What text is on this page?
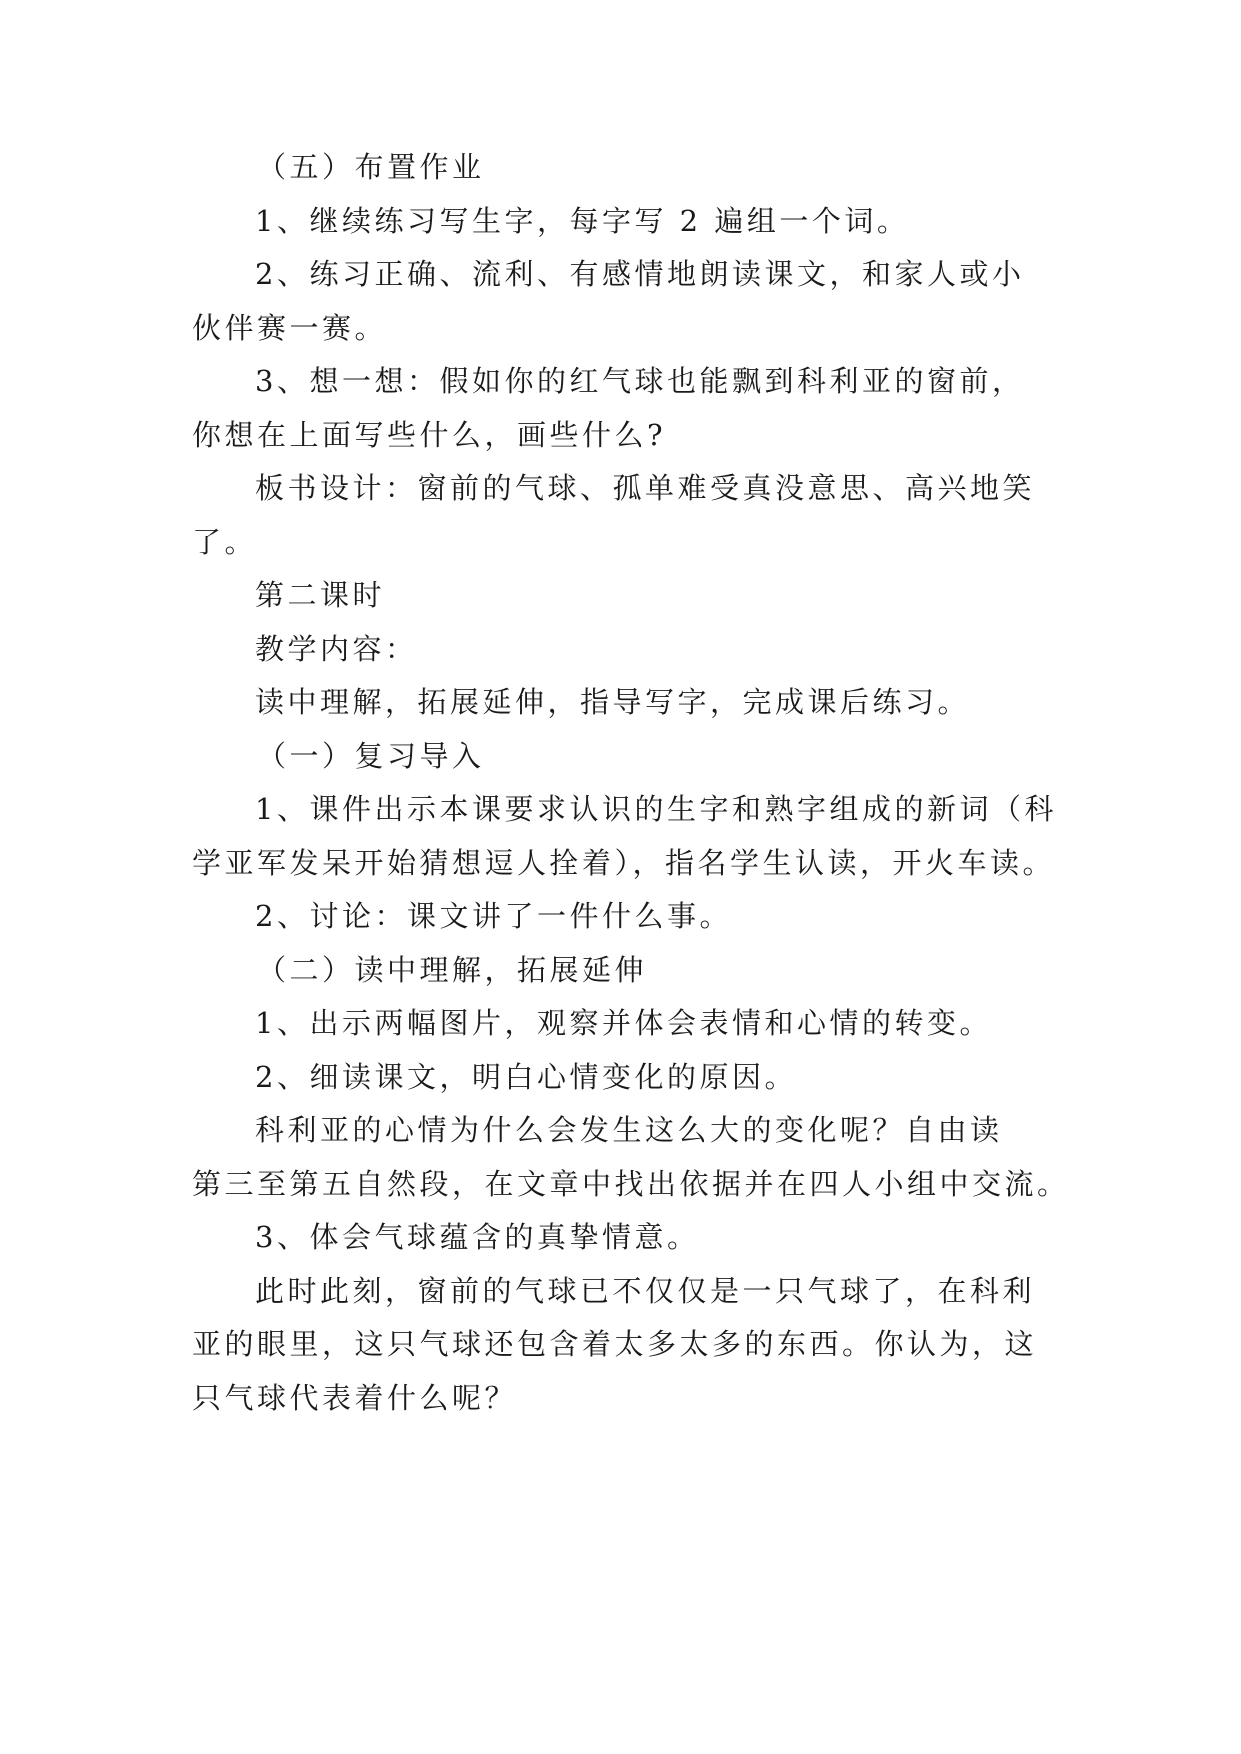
（五）布置作业

1、继续练习写生字，每字写 2 遍组一个词。

2、练习正确、流利、有感情地朗读课文，和家人或小

伙伴赛一赛。

3、想一想：假如你的红气球也能飘到科利亚的窗前，

你想在上面写些什么，画些什么?

板书设计：窗前的气球、孤单难受真没意思、高兴地笑

了。

第二课时

教学内容：

读中理解，拓展延伸，指导写字，完成课后练习。

（一）复习导入

1、课件出示本课要求认识的生字和熟字组成的新词（科

学亚军发呆开始猜想逗人拴着），指名学生认读，开火车读。

2、讨论：课文讲了一件什么事。

（二）读中理解，拓展延伸

1、出示两幅图片，观察并体会表情和心情的转变。

2、细读课文，明白心情变化的原因。

科利亚的心情为什么会发生这么大的变化呢？自由读

第三至第五自然段，在文章中找出依据并在四人小组中交流。

3、体会气球蕴含的真挚情意。

此时此刻，窗前的气球已不仅仅是一只气球了，在科利

亚的眼里，这只气球还包含着太多太多的东西。你认为，这

只气球代表着什么呢？
